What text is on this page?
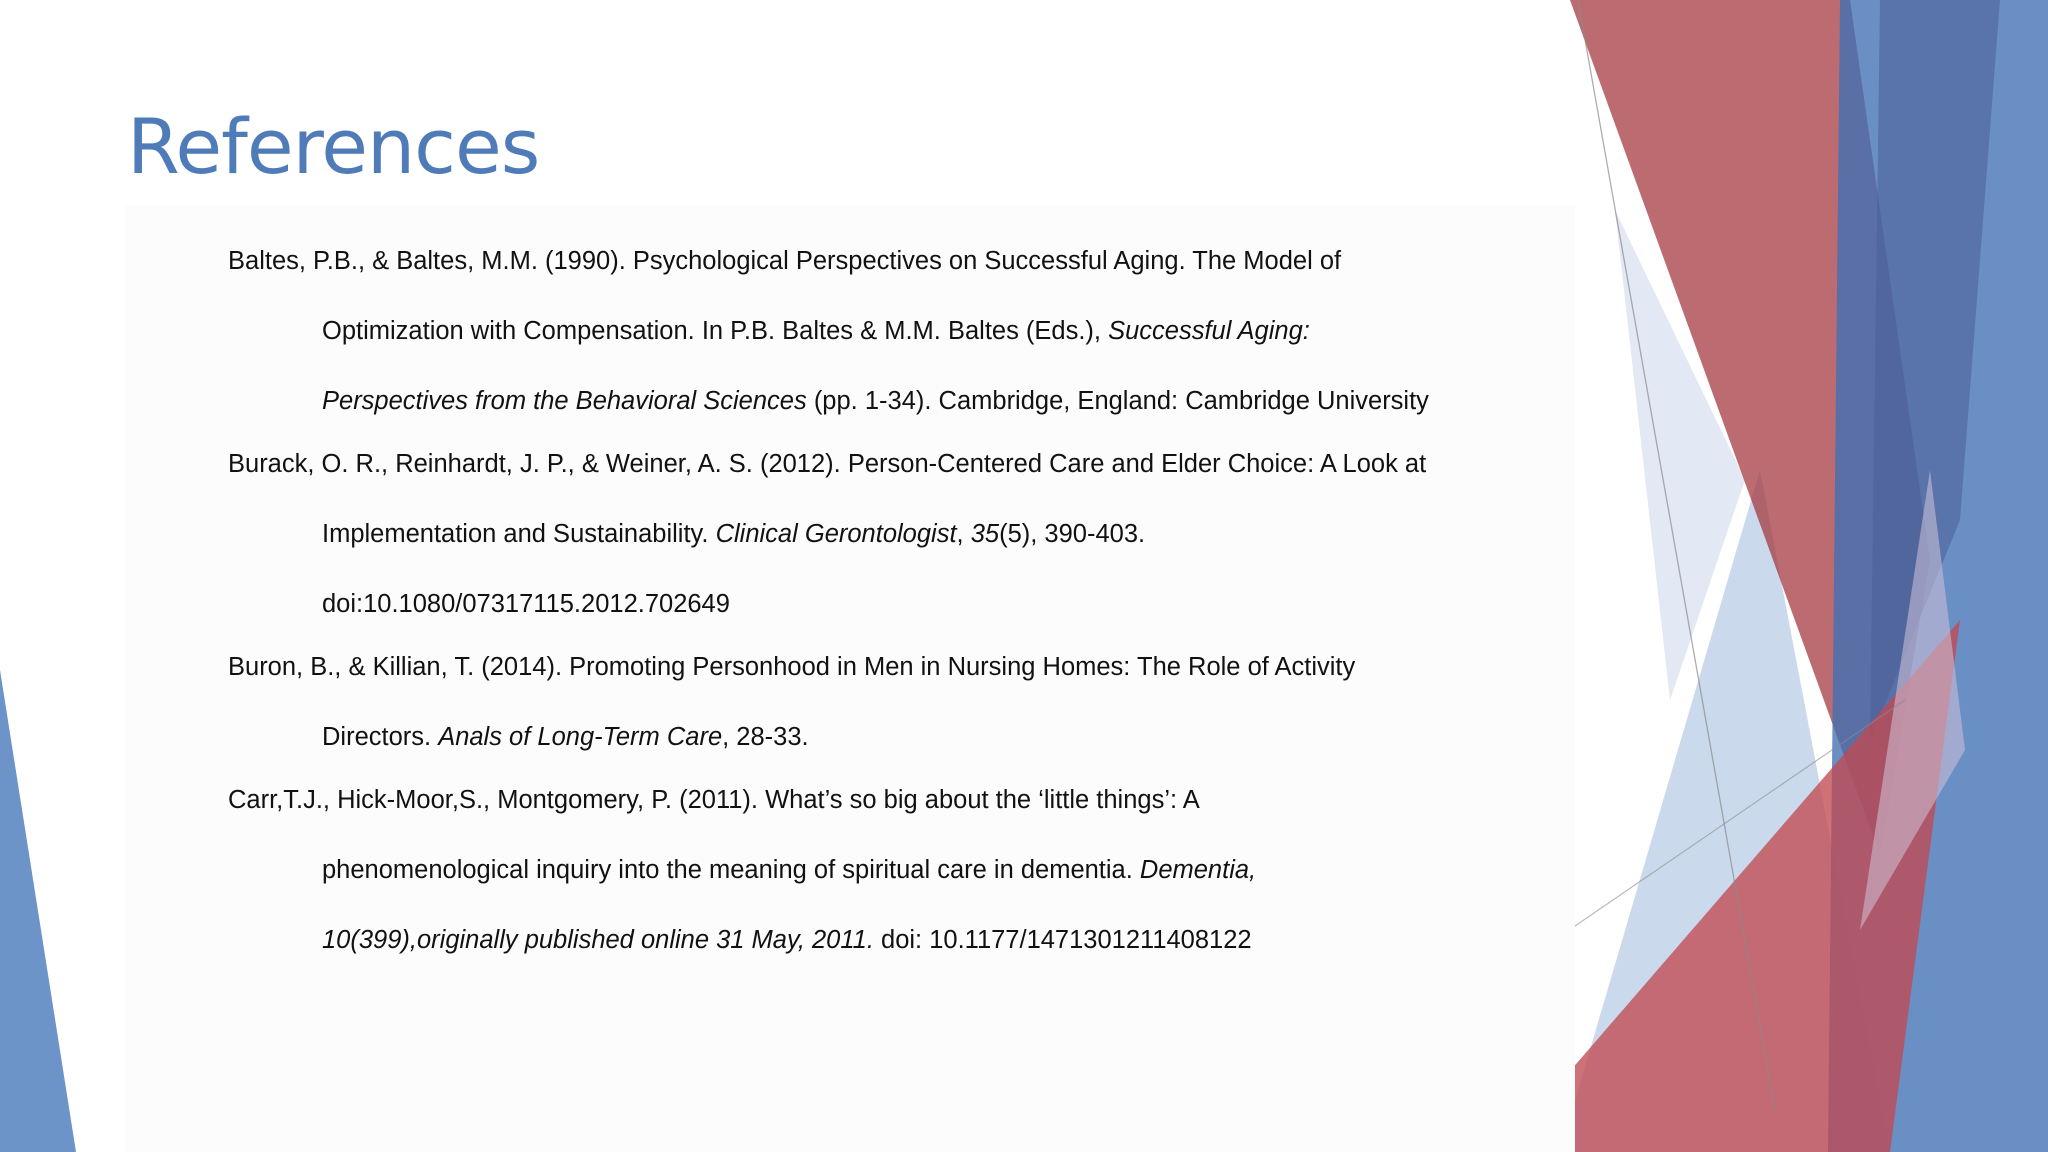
References
Baltes, P.B., & Baltes, M.M. (1990). Psychological Perspectives on Successful Aging. The Model of
Optimization with Compensation. In P.B. Baltes & M.M. Baltes (Eds.), Successful Aging:
Perspectives from the Behavioral Sciences (pp. 1-34). Cambridge, England: Cambridge University
Burack, O. R., Reinhardt, J. P., & Weiner, A. S. (2012). Person-Centered Care and Elder Choice: A Look at
Implementation and Sustainability. Clinical Gerontologist, 35(5), 390-403.
doi:10.1080/07317115.2012.702649
Buron, B., & Killian, T. (2014). Promoting Personhood in Men in Nursing Homes: The Role of Activity
Directors. Anals of Long-Term Care, 28-33.
Carr,T.J., Hick-Moor,S., Montgomery, P. (2011). What’s so big about the ‘little things’: A
phenomenological inquiry into the meaning of spiritual care in dementia. Dementia,
10(399),originally published online 31 May, 2011. doi: 10.1177/1471301211408122
